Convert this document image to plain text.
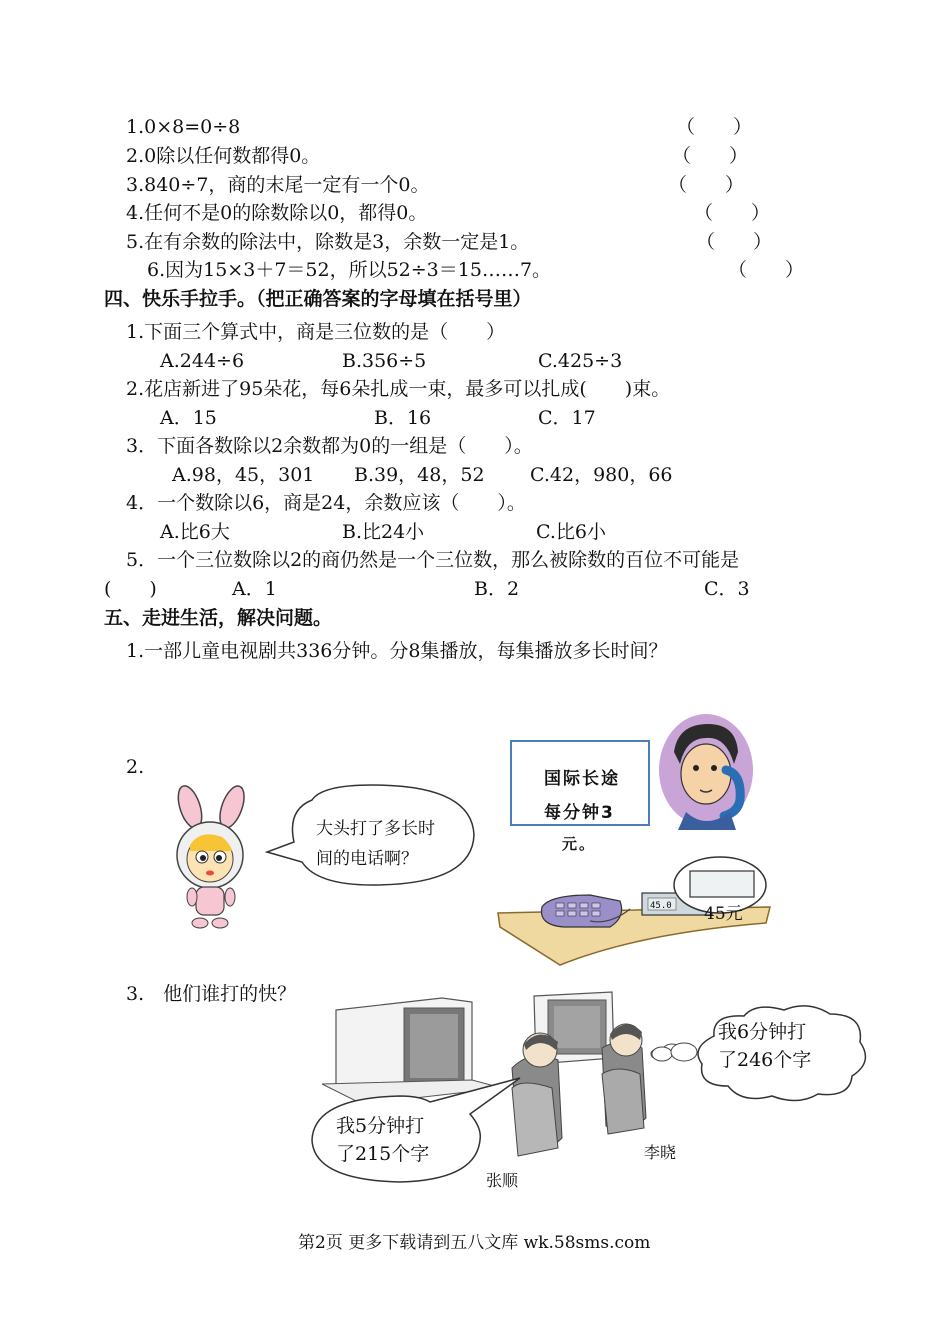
1.0×8=0÷8	（　　）
2.0除以任何数都得0。	（　　）
3.840÷7，商的末尾一定有一个0。	（　　）
4.任何不是0的除数除以0，都得0。	（　　）
5.在有余数的除法中，除数是3，余数一定是1。	（　　）
6.因为15×3＋7＝52，所以52÷3＝15……7。	（　　）
四、快乐手拉手。（把正确答案的字母填在括号里）
1.下面三个算式中，商是三位数的是（　　）
A.244÷6	B.356÷5	C.425÷3
2.花店新进了95朵花，每6朵扎成一束，最多可以扎成(　　)束。
A．15	B．16	C．17
3．下面各数除以2余数都为0的一组是（　　）。
A.98，45，301 B.39，48，52 C.42，980，66
4．一个数除以6，商是24，余数应该（　　）。
A.比6大	B.比24小	C.比6小
5．一个三位数除以2的商仍然是一个三位数，那么被除数的百位不可能是
(　　)	A．1	B．2	C．3
五、走进生活，解决问题。
1.一部儿童电视剧共336分钟。分8集播放，每集播放多长时间？
2.
大头打了多长时
间的电话啊？
国际长途
每分钟3
元。
45.0 45元
3.　他们谁打的快？
我5分钟打
了215个字
我6分钟打
了246个字
张顺
李晓
第2页 更多下载请到五八文库 wk.58sms.com
